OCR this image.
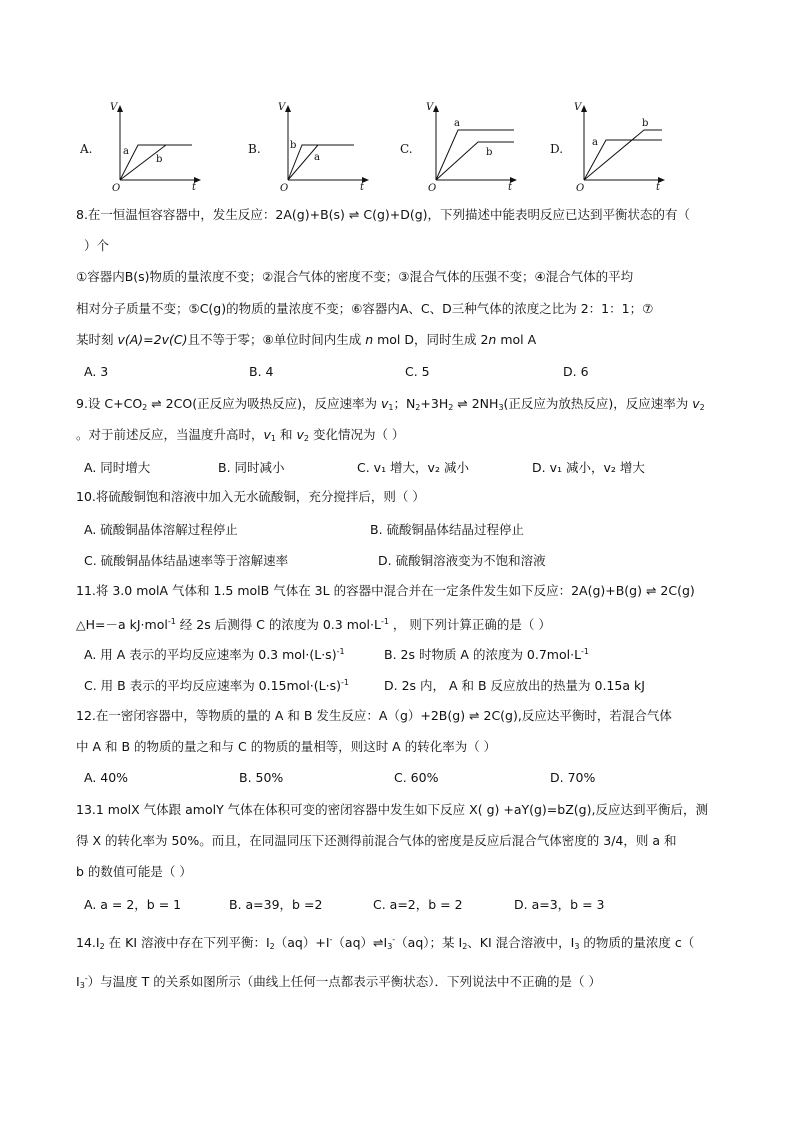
A.
V
t
O
a
b
B.
V
t
O
a
b	C.
V
t
O
a
b	D.
V
t
O
a
b
8.在一恒温恒容容器中，发生反应：2A(g)+B(s) ⇌ C(g)+D(g)，下列描述中能表明反应已达到平衡状态的有（
）个
①容器内B(s)物质的量浓度不变；②混合气体的密度不变；③混合气体的压强不变；④混合气体的平均
相对分子质量不变；⑤C(g)的物质的量浓度不变；⑥容器内A、C、D三种气体的浓度之比为 2：1：1；⑦
某时刻 v(A)=2v(C)且不等于零；⑧单位时间内生成 n mol D，同时生成 2n mol A
A. 3	B. 4	C. 5	D. 6
9.设 $C+CO_2$ ⇌ 2CO(正反应为吸热反应)，反应速率为 $v_1$；$N_2+3H_2$ ⇌ $2NH_3$(正反应为放热反应)，反应速率为 $v_2$
。对于前述反应，当温度升高时，$v_1$ 和 $v_2$ 变化情况为（ ）
A. 同时增大	B. 同时减小	C. v₁ 增大，v₂ 减小	D. v₁ 减小，v₂ 增大
10.将硫酸铜饱和溶液中加入无水硫酸铜，充分搅拌后，则（ ）
A. 硫酸铜晶体溶解过程停止	B. 硫酸铜晶体结晶过程停止
C. 硫酸铜晶体结晶速率等于溶解速率	D. 硫酸铜溶液变为不饱和溶液
11.将 3.0 molA 气体和 1.5 molB 气体在 3L 的容器中混合并在一定条件发生如下反应：2A(g)+B(g) ⇌ 2C(g)
△H=－a kJ·mol$^{-1}$ 经 2s 后测得 C 的浓度为 0.3 $mol\cdot L^{-1}$ ， 则下列计算正确的是（ ）
A. 用 A 表示的平均反应速率为 0.3 $mol\cdot(L\cdot s)^{-1}$	B. 2s 时物质 A 的浓度为 $0.7mol\cdot L^{-1}$
C. 用 B 表示的平均反应速率为 $0.15mol\cdot(L\cdot s)^{-1}$	D. 2s 内， A 和 B 反应放出的热量为 0.15a kJ
12.在一密闭容器中，等物质的量的 A 和 B 发生反应：A（g）+2B(g) ⇌ 2C(g),反应达平衡时，若混合气体
中 A 和 B 的物质的量之和与 C 的物质的量相等，则这时 A 的转化率为（ ）
A. 40%	B. 50%	C. 60%	D. 70%
13.1 molX 气体跟 amolY 气体在体积可变的密闭容器中发生如下反应 X( g) +aY(g)=bZ(g),反应达到平衡后，测
得 X 的转化率为 50%。而且，在同温同压下还测得前混合气体的密度是反应后混合气体密度的 3/4，则 a 和
b 的数值可能是（ ）
A. a = 2，b = 1	B. a=39，b =2	C. a=2，b = 2	D. a=3，b = 3
$14.I_2$ 在 KI 溶液中存在下列平衡：$I_2(aq)+I^-(aq)\rightleftharpoons I_3^-(aq)$；某 $I_2$、KI 混合溶液中，$I_3$ 的物质的量浓度 c（
$I_3^-$）与温度 T 的关系如图所示（曲线上任何一点都表示平衡状态）．下列说法中不正确的是（ ）
